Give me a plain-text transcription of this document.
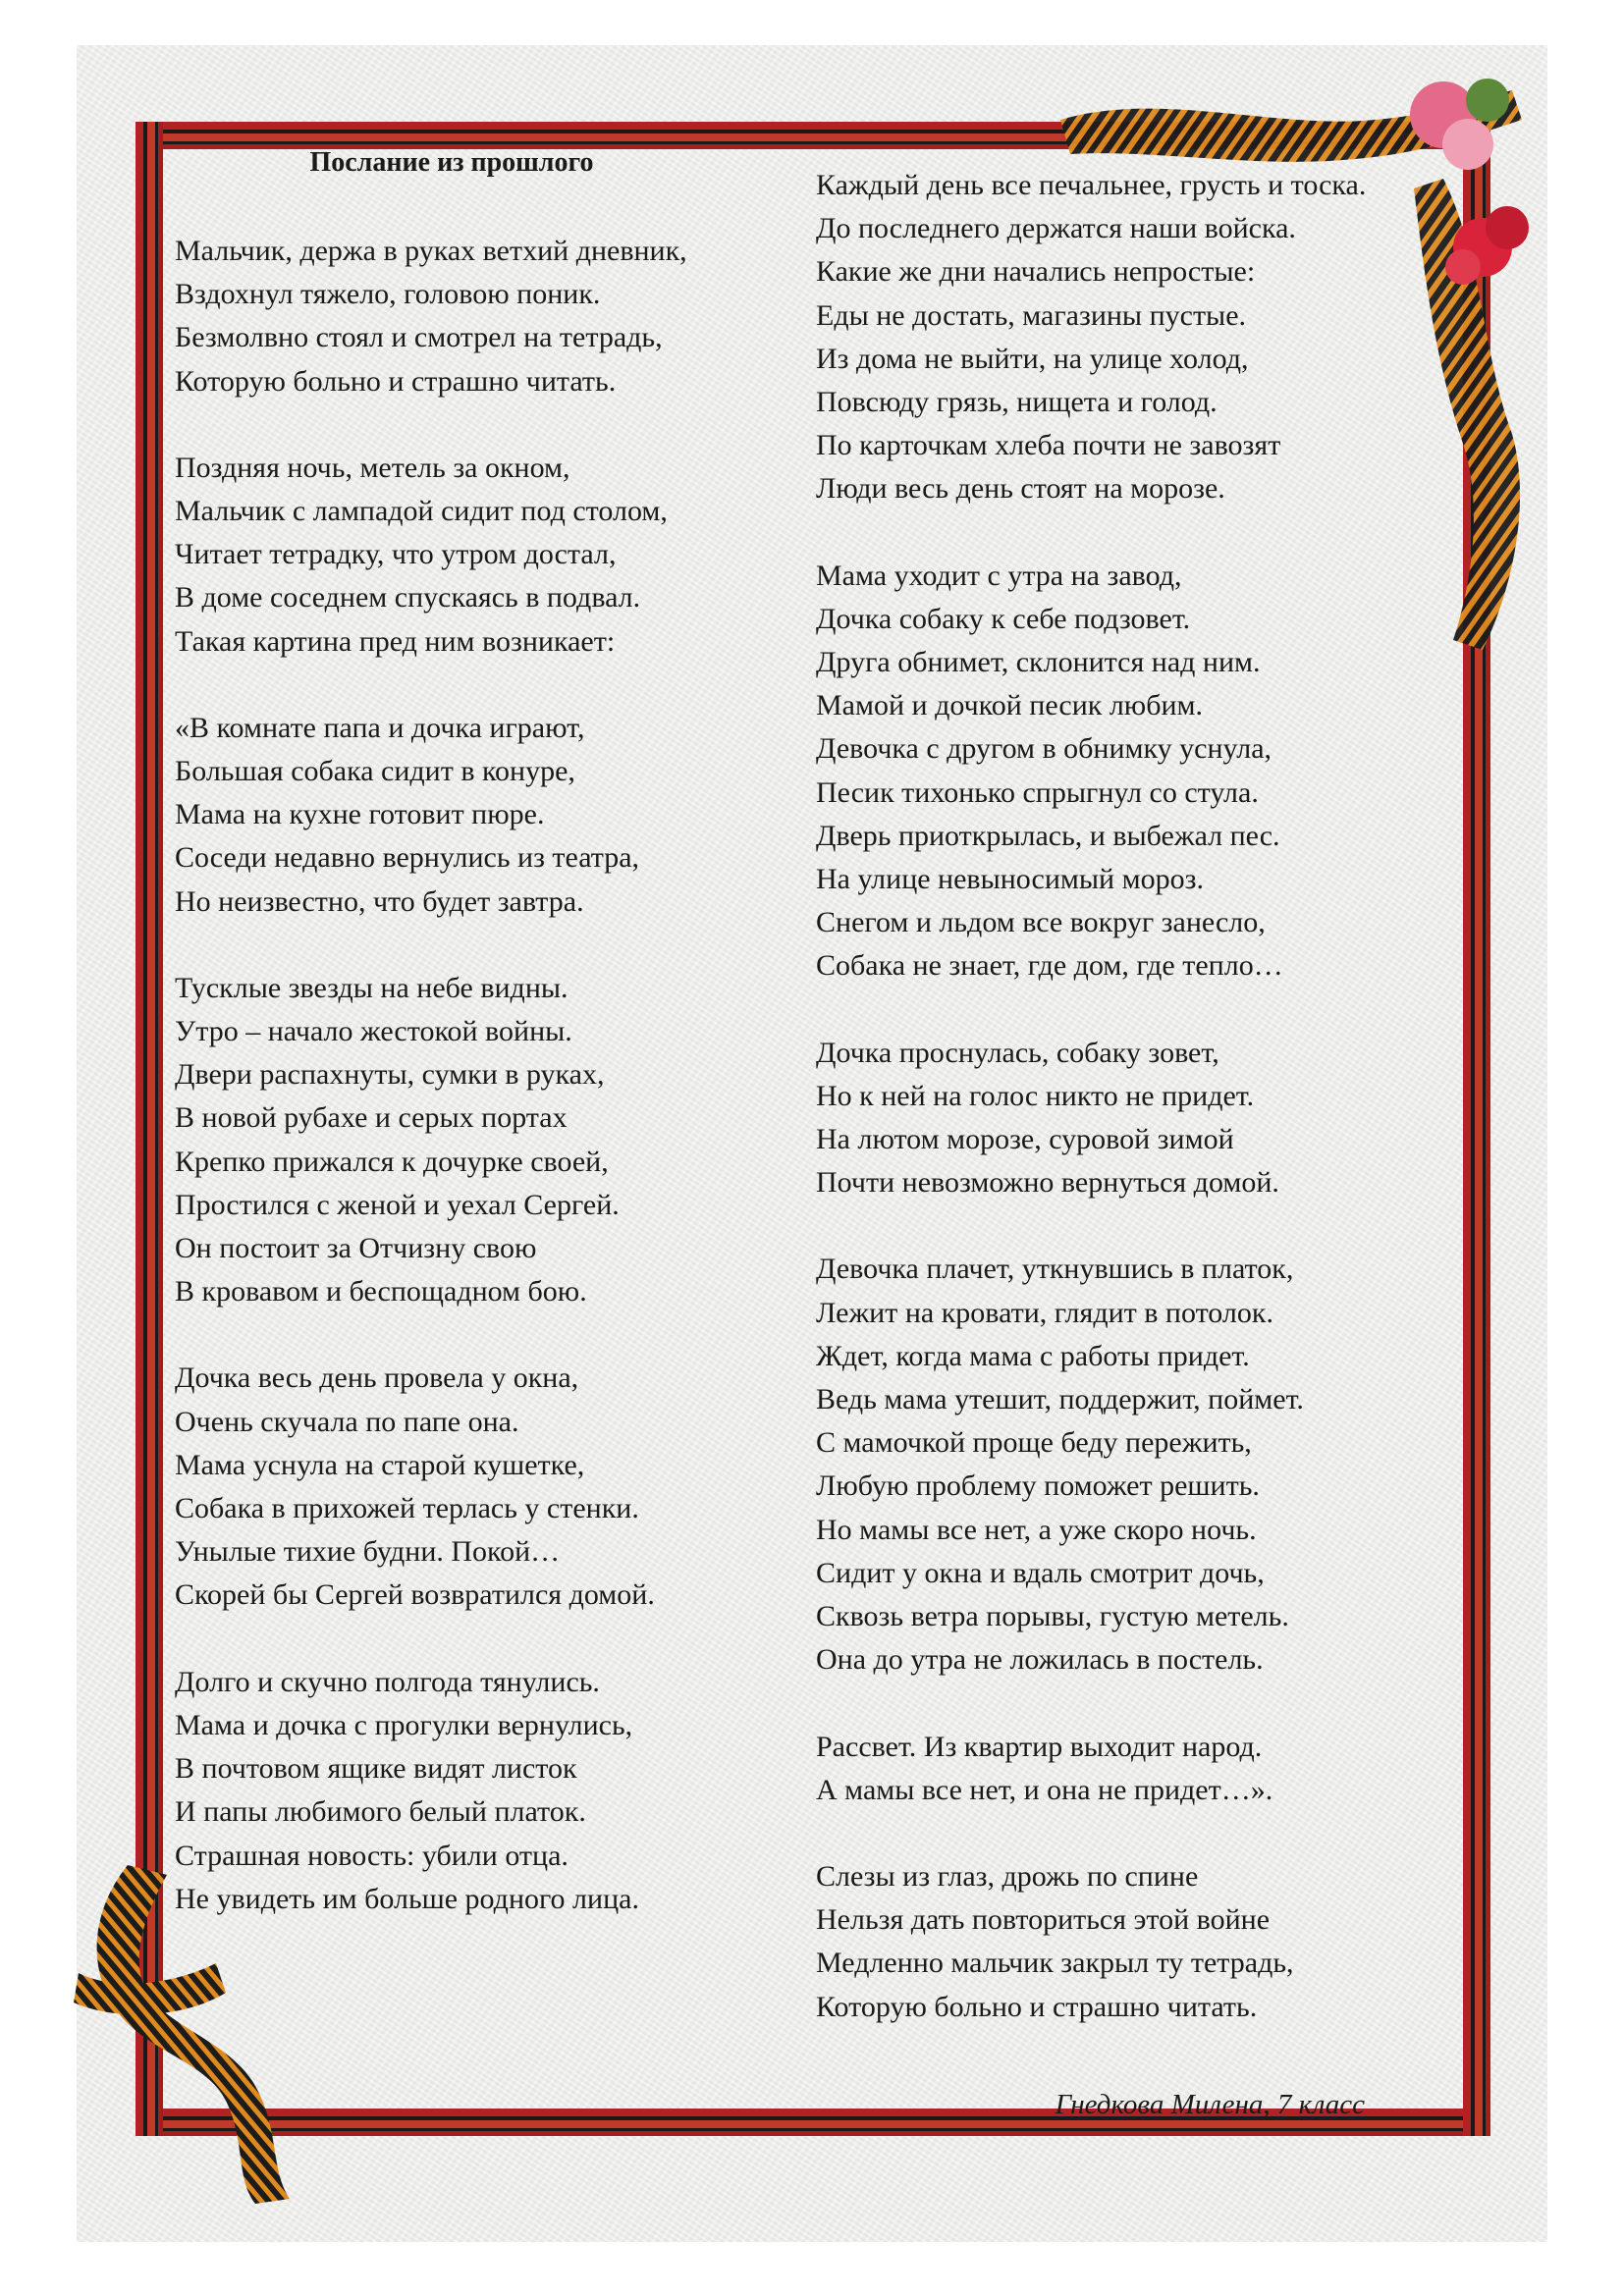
Послание из прошлого

Мальчик, держа в руках ветхий дневник,
Вздохнул тяжело, головою поник.
Безмолвно стоял и смотрел на тетрадь,
Которую больно и страшно читать.

Поздняя ночь, метель за окном,
Мальчик с лампадой сидит под столом,
Читает тетрадку, что утром достал,
В доме соседнем спускаясь в подвал.
Такая картина пред ним возникает:

«В комнате папа и дочка играют,
Большая собака сидит в конуре,
Мама на кухне готовит пюре.
Соседи недавно вернулись из театра,
Но неизвестно, что будет завтра.

Тусклые звезды на небе видны.
Утро – начало жестокой войны.
Двери распахнуты, сумки в руках,
В новой рубахе и серых портах
Крепко прижался к дочурке своей,
Простился с женой и уехал Сергей.
Он постоит за Отчизну свою
В кровавом и беспощадном бою.

Дочка весь день провела у окна,
Очень скучала по папе она.
Мама уснула на старой кушетке,
Собака в прихожей терлась у стенки.
Унылые тихие будни. Покой…
Скорей бы Сергей возвратился домой.

Долго и скучно полгода тянулись.
Мама и дочка с прогулки вернулись,
В почтовом ящике видят листок
И папы любимого белый платок.
Страшная новость: убили отца.
Не увидеть им больше родного лица.

Каждый день все печальнее, грусть и тоска.
До последнего держатся наши войска.
Какие же дни начались непростые:
Еды не достать, магазины пустые.
Из дома не выйти, на улице холод,
Повсюду грязь, нищета и голод.
По карточкам хлеба почти не завозят
Люди весь день стоят на морозе.

Мама уходит с утра на завод,
Дочка собаку к себе подзовет.
Друга обнимет, склонится над ним.
Мамой и дочкой песик любим.
Девочка с другом в обнимку уснула,
Песик тихонько спрыгнул со стула.
Дверь приоткрылась, и выбежал пес.
На улице невыносимый мороз.
Снегом и льдом все вокруг занесло,
Собака не знает, где дом, где тепло…

Дочка проснулась, собаку зовет,
Но к ней на голос никто не придет.
На лютом морозе, суровой зимой
Почти невозможно вернуться домой.

Девочка плачет, уткнувшись в платок,
Лежит на кровати, глядит в потолок.
Ждет, когда мама с работы придет.
Ведь мама утешит, поддержит, поймет.
С мамочкой проще беду пережить,
Любую проблему поможет решить.
Но мамы все нет, а уже скоро ночь.
Сидит у окна и вдаль смотрит дочь,
Сквозь ветра порывы, густую метель.
Она до утра не ложилась в постель.

Рассвет. Из квартир выходит народ.
А мамы все нет, и она не придет…».

Слезы из глаз, дрожь по спине
Нельзя дать повториться этой войне
Медленно мальчик закрыл ту тетрадь,
Которую больно и страшно читать.

Гнедкова Милена, 7 класс
